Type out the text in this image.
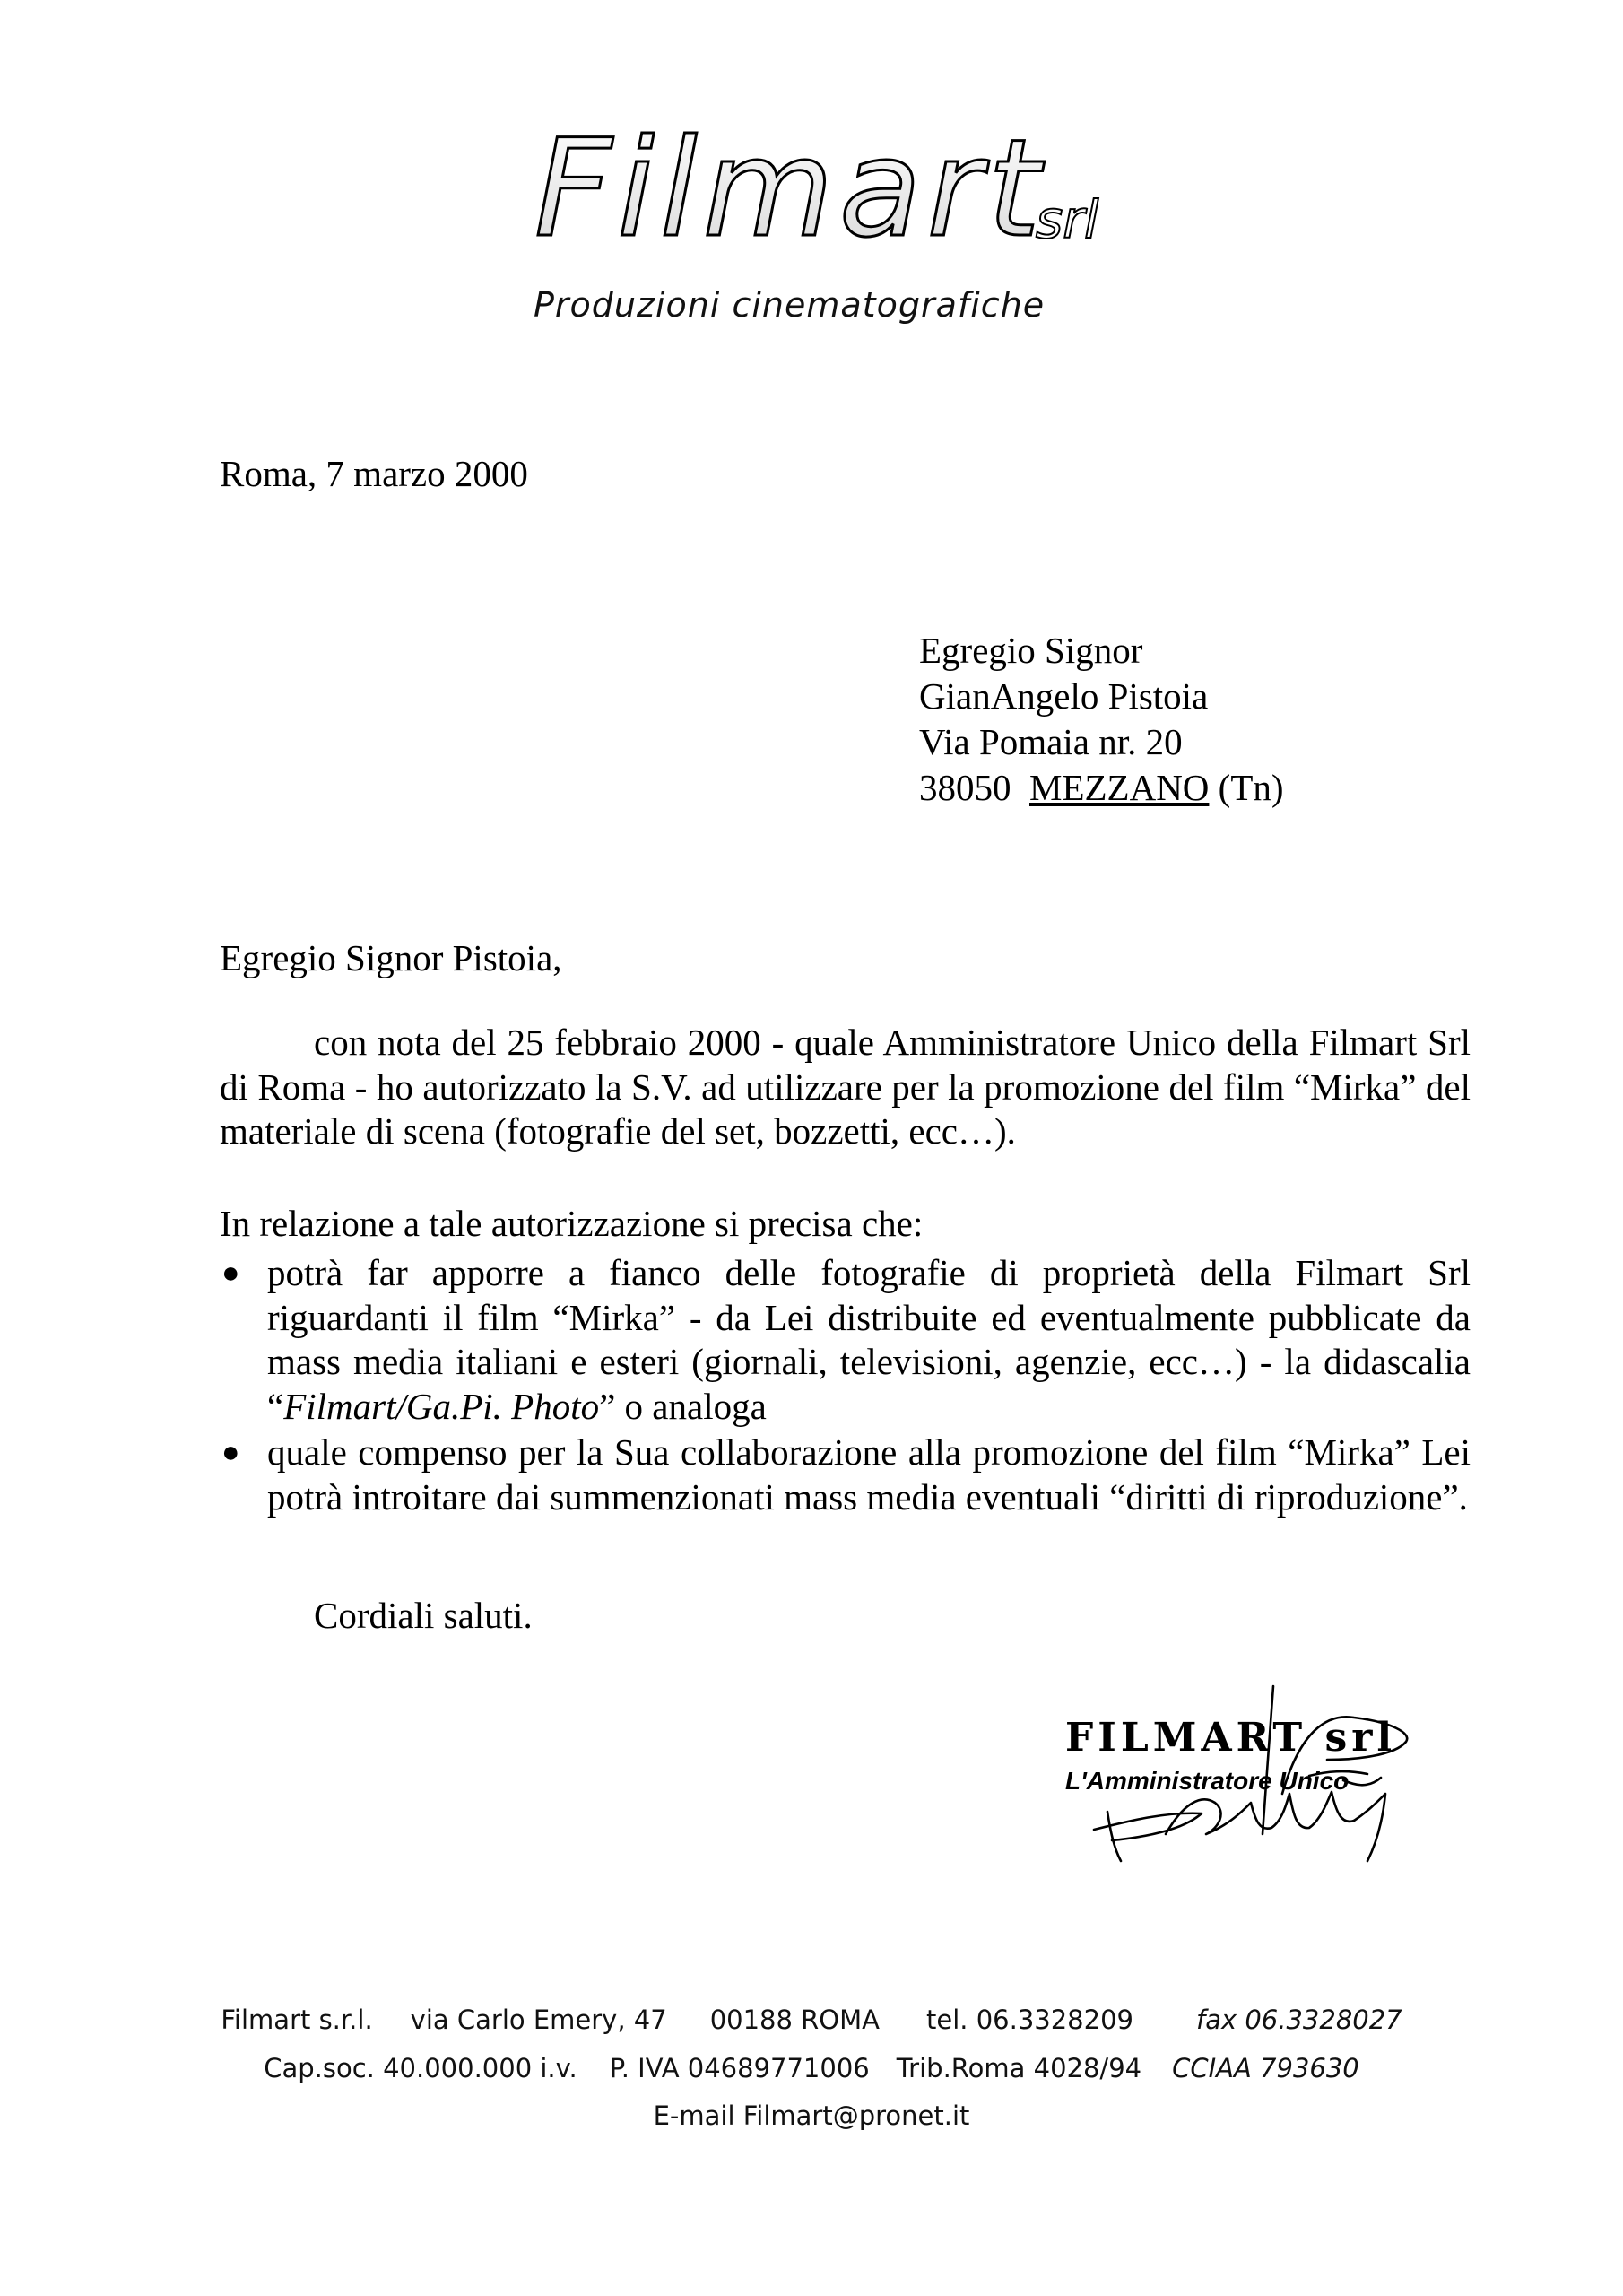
Filmart
srl
Produzioni cinematografiche
Roma, 7 marzo 2000
Egregio Signor
GianAngelo Pistoia
Via Pomaia nr. 20
38050 MEZZANO (Tn)
Egregio Signor Pistoia,
con nota del 25 febbraio 2000 - quale Amministratore Unico della Filmart Srl di Roma - ho autorizzato la S.V. ad utilizzare per la promozione del film “Mirka” del materiale di scena (fotografie del set, bozzetti, ecc…).
In relazione a tale autorizzazione si precisa che:
● potrà far apporre a fianco delle fotografie di proprietà della Filmart Srl riguardanti il film “Mirka” - da Lei distribuite ed eventualmente pubblicate da mass media italiani e esteri (giornali, televisioni, agenzie, ecc…) - la didascalia “Filmart/Ga.Pi. Photo” o analoga
● quale compenso per la Sua collaborazione alla promozione del film “Mirka” Lei potrà introitare dai summenzionati mass media eventuali “diritti di riproduzione”.
Cordiali saluti.
FILMART srl
L'Amministratore Unico
Filmart s.r.l. via Carlo Emery, 47 00188 ROMA tel. 06.3328209 fax 06.3328027
Cap.soc. 40.000.000 i.v. P. IVA 04689771006 Trib.Roma 4028/94 CCIAA 793630
E-mail Filmart@pronet.it
